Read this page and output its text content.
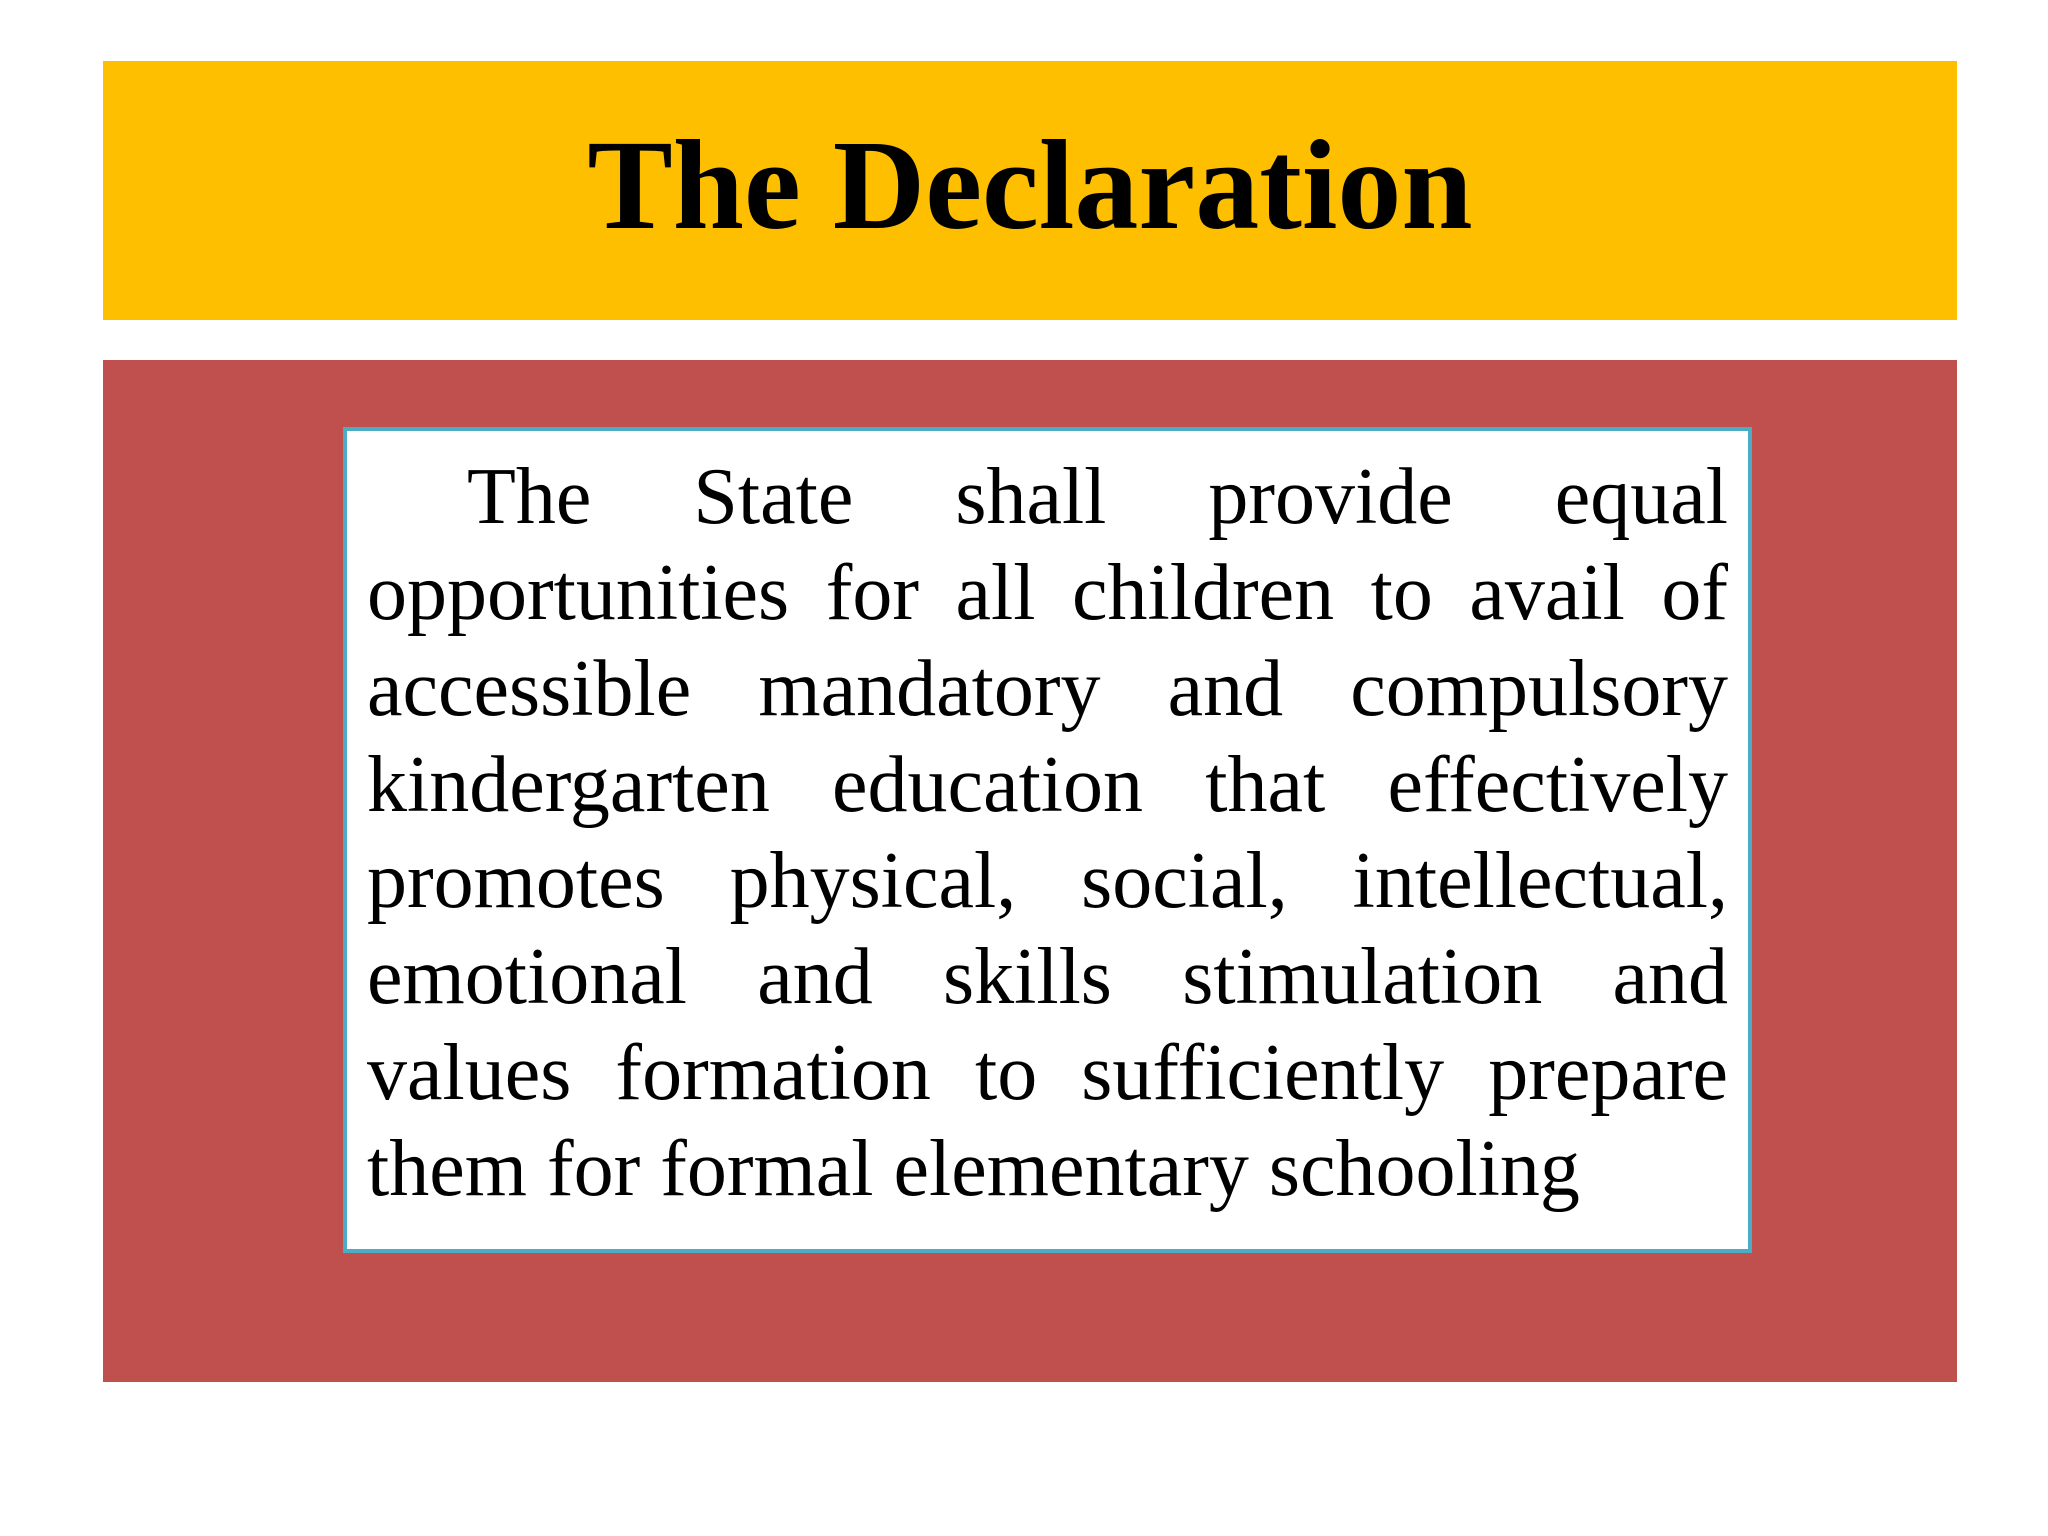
The Declaration

The State shall provide equal opportunities for all children to avail of accessible mandatory and compulsory kindergarten education that effectively promotes physical, social, intellectual, emotional and skills stimulation and values formation to sufficiently prepare them for formal elementary schooling
